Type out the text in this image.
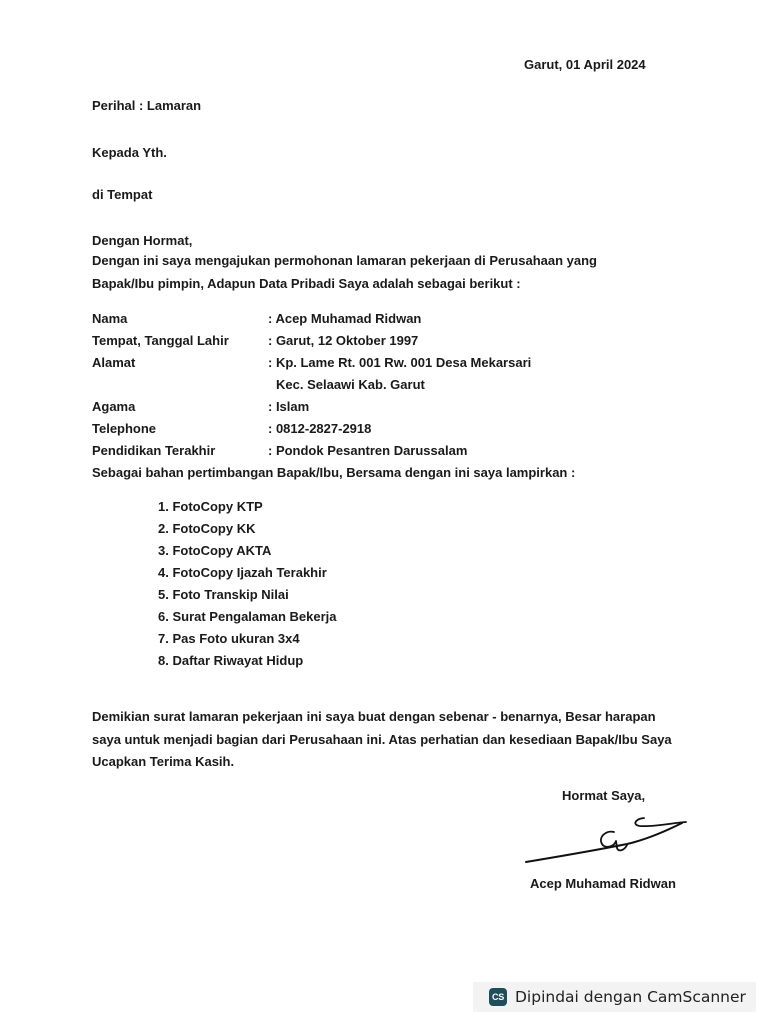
Garut, 01 April 2024
Perihal : Lamaran
Kepada Yth.
di Tempat
Dengan Hormat,
Dengan ini saya mengajukan permohonan lamaran pekerjaan di Perusahaan yang
Bapak/Ibu pimpin, Adapun Data Pribadi Saya adalah sebagai berikut :
Nama	: Acep Muhamad Ridwan
Tempat, Tanggal Lahir	: Garut, 12 Oktober 1997
Alamat	: Kp. Lame Rt. 001 Rw. 001 Desa Mekarsari
Kec. Selaawi Kab. Garut
Agama	: Islam
Telephone	: 0812-2827-2918
Pendidikan Terakhir	: Pondok Pesantren Darussalam
Sebagai bahan pertimbangan Bapak/Ibu, Bersama dengan ini saya lampirkan :
1. FotoCopy KTP
2. FotoCopy KK
3. FotoCopy AKTA
4. FotoCopy Ijazah Terakhir
5. Foto Transkip Nilai
6. Surat Pengalaman Bekerja
7. Pas Foto ukuran 3x4
8. Daftar Riwayat Hidup
Demikian surat lamaran pekerjaan ini saya buat dengan sebenar - benarnya, Besar harapan
saya untuk menjadi bagian dari Perusahaan ini. Atas perhatian dan kesediaan Bapak/Ibu Saya
Ucapkan Terima Kasih.
Hormat Saya,
Acep Muhamad Ridwan
CS Dipindai dengan CamScanner
